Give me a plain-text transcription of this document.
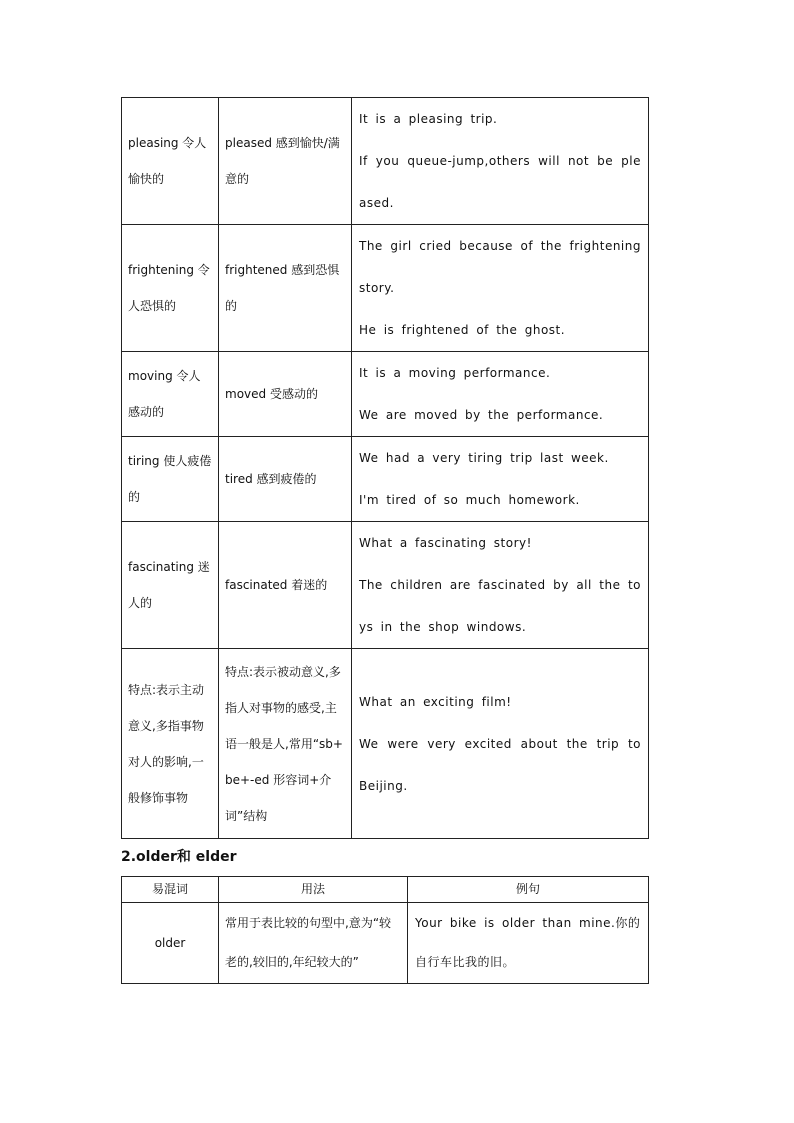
pleasing 令人愉快的	pleased 感到愉快/满意的	It is a pleasing trip.
If you queue-jump,others will not be pleased.

frightening 令人恐惧的	frightened 感到恐惧的	The girl cried because of the frightening story.
He is frightened of the ghost.

moving 令人感动的	moved 受感动的	It is a moving performance.
We are moved by the performance.

tiring 使人疲倦的	tired 感到疲倦的	We had a very tiring trip last week.
I'm tired of so much homework.

fascinating 迷人的	fascinated 着迷的	What a fascinating story!
The children are fascinated by all the toys in the shop windows.

特点:表示主动意义,多指事物对人的影响,一般修饰事物	特点:表示被动意义,多指人对事物的感受,主语一般是人,常用“sb+be+-ed 形容词+介词”结构	What an exciting film!
We were very excited about the trip to Beijing.
2.older和 elder
易混词	用法	例句
older	常用于表比较的句型中,意为“较老的,较旧的,年纪较大的”	Your bike is older than mine.你的自行车比我的旧。
